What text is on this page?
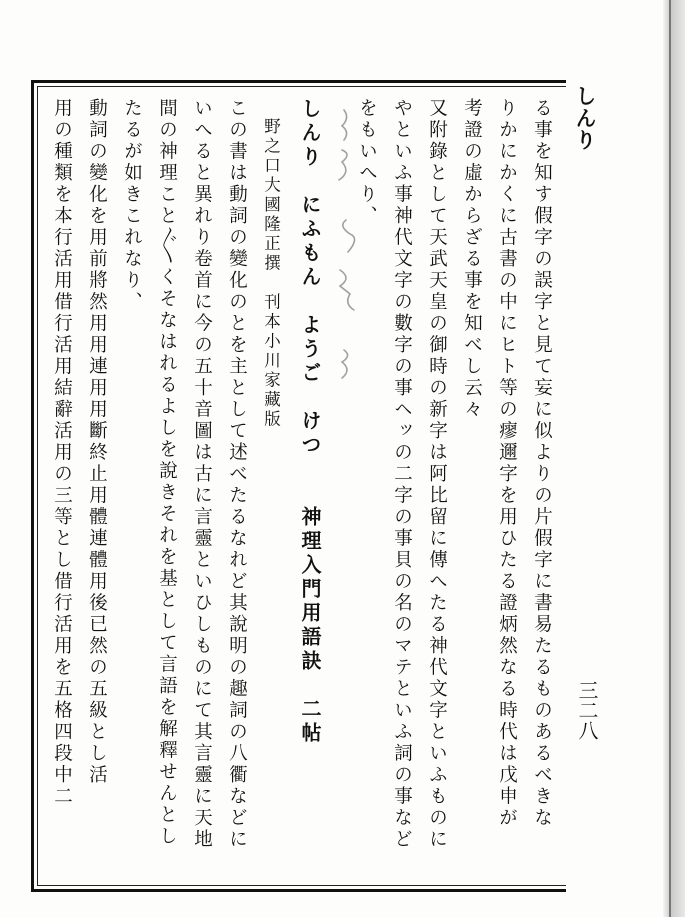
しんり
三二八
る事を知す假字の誤字と見て妄に似よりの片假字に書易たるものあるべきな
りかにかくに古書の中にヒト等の瘳邇字を用ひたる證炳然なる時代は戊申が
考證の虛からざる事を知べし云々
又附錄として天武天皇の御時の新字は阿比留に傳へたる神代文字といふものに
やといふ事神代文字の數字の事ヘッの二字の事貝の名のマテといふ詞の事など
をもいへり、
しんり　にふもん　ようご　けつ　　神理入門用語訣　二帖
　野之口大國隆正撰　刊本小川家藏版
この書は動詞の變化のとを主として述べたるなれど其說明の趣詞の八衢などに
いへると異れり卷首に今の五十音圖は古に言靈といひしものにて其言靈に天地
間の神理こと〴〵くそなはれるよしを說きそれを基として言語を解釋せんとし
たるが如きこれなり、
動詞の變化を用前將然用用連用用斷終止用體連體用後已然の五級とし活
用の種類を本行活用借行活用結辭活用の三等とし借行活用を五格四段中二
